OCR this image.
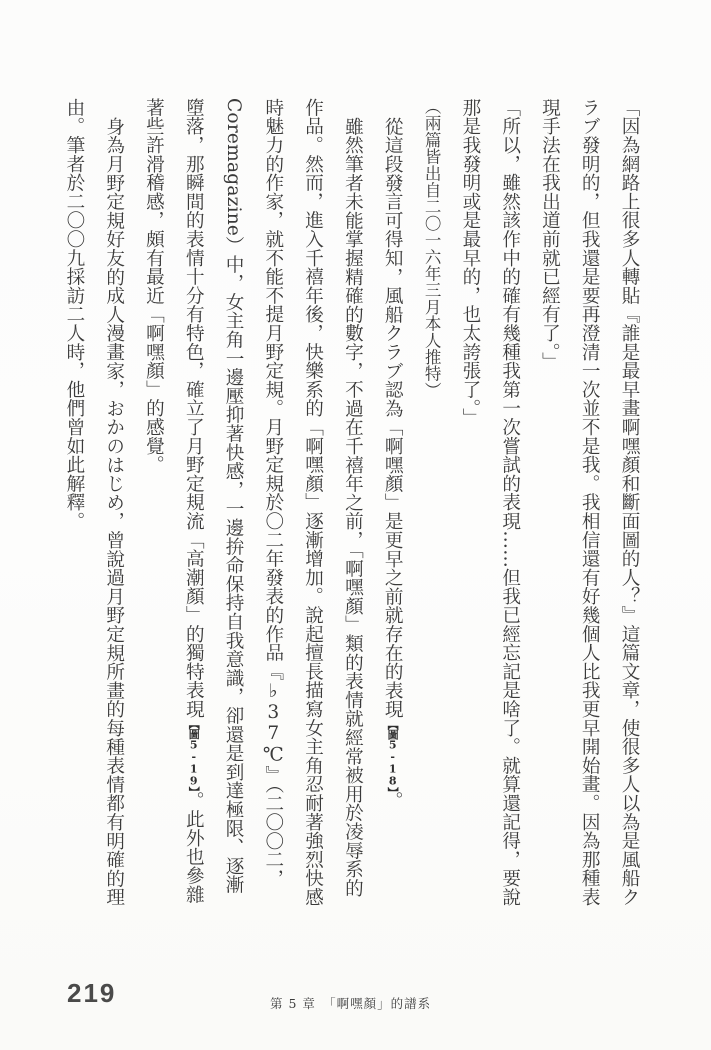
「因為網路上很多人轉貼『誰是最早畫啊嘿顏和斷面圖的人？』這篇文章，使很多人以為是風船クラブ發明的，但我還是要再澄清一次並不是我。我相信還有好幾個人比我更早開始畫。因為那種表現手法在我出道前就已經有了。」

「所以，雖然該作中的確有幾種我第一次嘗試的表現……但我已經忘記是啥了。就算還記得，要說那是我發明或是最早的，也太誇張了。」

（兩篇皆出自二〇一六年三月本人推特）

從這段發言可得知，風船クラブ認為「啊嘿顏」是更早之前就存在的表現【圖5-18】。

雖然筆者未能掌握精確的數字，不過在千禧年之前，「啊嘿顏」類的表情就經常被用於凌辱系的作品。然而，進入千禧年後，快樂系的「啊嘿顏」逐漸增加。說起擅長描寫女主角忍耐著強烈快感時魅力的作家，就不能不提月野定規。月野定規於〇二年發表的作品『♭37℃』（二〇〇二，Coremagazine）中，女主角一邊壓抑著快感，一邊拚命保持自我意識，卻還是到達極限、逐漸墮落，那瞬間的表情十分有特色，確立了月野定規流「高潮顏」的獨特表現【圖5-19】。此外也參雜著些許滑稽感，頗有最近「啊嘿顏」的感覺。

身為月野定規好友的成人漫畫家，おかのはじめ，曾說過月野定規所畫的每種表情都有明確的理由。筆者於二〇〇九採訪二人時，他們曾如此解釋。

219	第 5 章　「啊嘿顏」的譜系
